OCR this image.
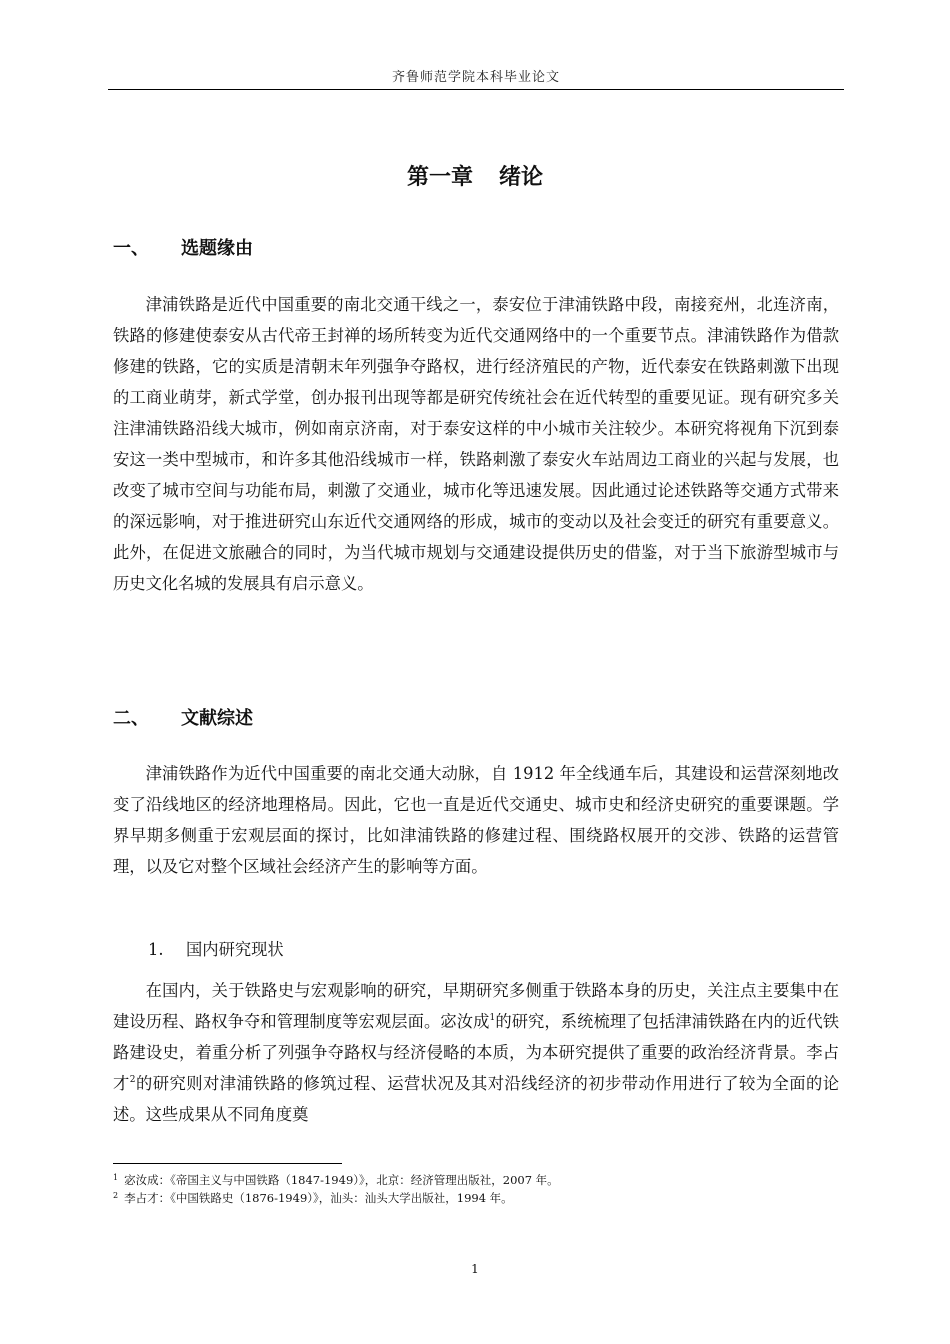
齐鲁师范学院本科毕业论文
第一章 绪论
一、 选题缘由

津浦铁路是近代中国重要的南北交通干线之一，泰安位于津浦铁路中段，南接兖州，北连济南，铁路的修建使泰安从古代帝王封禅的场所转变为近代交通网络中的一个重要节点。津浦铁路作为借款修建的铁路，它的实质是清朝末年列强争夺路权，进行经济殖民的产物，近代泰安在铁路刺激下出现的工商业萌芽，新式学堂，创办报刊出现等都是研究传统社会在近代转型的重要见证。现有研究多关注津浦铁路沿线大城市，例如南京济南，对于泰安这样的中小城市关注较少。本研究将视角下沉到泰安这一类中型城市，和许多其他沿线城市一样，铁路刺激了泰安火车站周边工商业的兴起与发展，也改变了城市空间与功能布局，刺激了交通业，城市化等迅速发展。因此通过论述铁路等交通方式带来的深远影响，对于推进研究山东近代交通网络的形成，城市的变动以及社会变迁的研究有重要意义。此外，在促进文旅融合的同时，为当代城市规划与交通建设提供历史的借鉴，对于当下旅游型城市与历史文化名城的发展具有启示意义。

二、 文献综述

津浦铁路作为近代中国重要的南北交通大动脉，自 1912 年全线通车后，其建设和运营深刻地改变了沿线地区的经济地理格局。因此，它也一直是近代交通史、城市史和经济史研究的重要课题。学界早期多侧重于宏观层面的探讨，比如津浦铁路的修建过程、围绕路权展开的交涉、铁路的运营管理，以及它对整个区域社会经济产生的影响等方面。

1. 国内研究现状

在国内，关于铁路史与宏观影响的研究，早期研究多侧重于铁路本身的历史，关注点主要集中在建设历程、路权争夺和管理制度等宏观层面。宓汝成$^1$的研究，系统梳理了包括津浦铁路在内的近代铁路建设史，着重分析了列强争夺路权与经济侵略的本质，为本研究提供了重要的政治经济背景。李占才$^2$的研究则对津浦铁路的修筑过程、运营状况及其对沿线经济的初步带动作用进行了较为全面的论述。这些成果从不同角度奠

$^1$ 宓汝成：《帝国主义与中国铁路（1847-1949）》，北京：经济管理出版社，2007 年。
$^2$ 李占才：《中国铁路史（1876-1949）》，汕头：汕头大学出版社，1994 年。
1
